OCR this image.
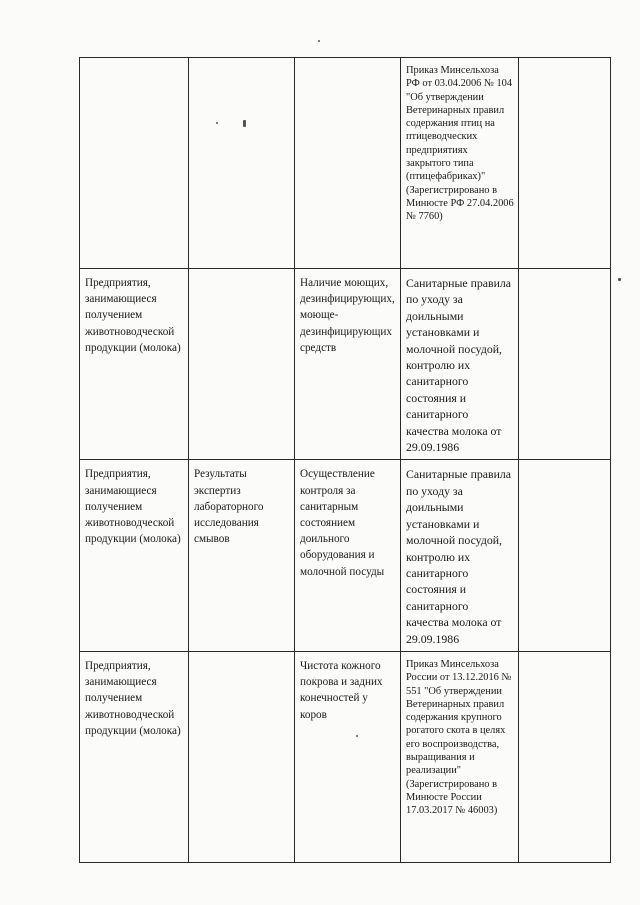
			Приказ Минсельхоза РФ от 03.04.2006 № 104 "Об утверждении Ветеринарных правил содержания птиц на птицеводческих предприятиях закрытого типа (птицефабриках)" (Зарегистрировано в Минюсте РФ 27.04.2006 № 7760)	
Предприятия, занимающиеся получением животноводческой продукции (молока)		Наличие моющих, дезинфицирующих, моюще-дезинфицирующих средств	Санитарные правила по уходу за доильными установками и молочной посудой, контролю их санитарного состояния и санитарного качества молока от 29.09.1986	
Предприятия, занимающиеся получением животноводческой продукции (молока)	Результаты экспертиз лабораторного исследования смывов	Осуществление контроля за санитарным состоянием доильного оборудования и молочной посуды	Санитарные правила по уходу за доильными установками и молочной посудой, контролю их санитарного состояния и санитарного качества молока от 29.09.1986	
Предприятия, занимающиеся получением животноводческой продукции (молока)		Чистота кожного покрова и задних конечностей у коров	Приказ Минсельхоза России от 13.12.2016 № 551 "Об утверждении Ветеринарных правил содержания крупного рогатого скота в целях его воспроизводства, выращивания и реализации" (Зарегистрировано в Минюсте России 17.03.2017 № 46003)	
